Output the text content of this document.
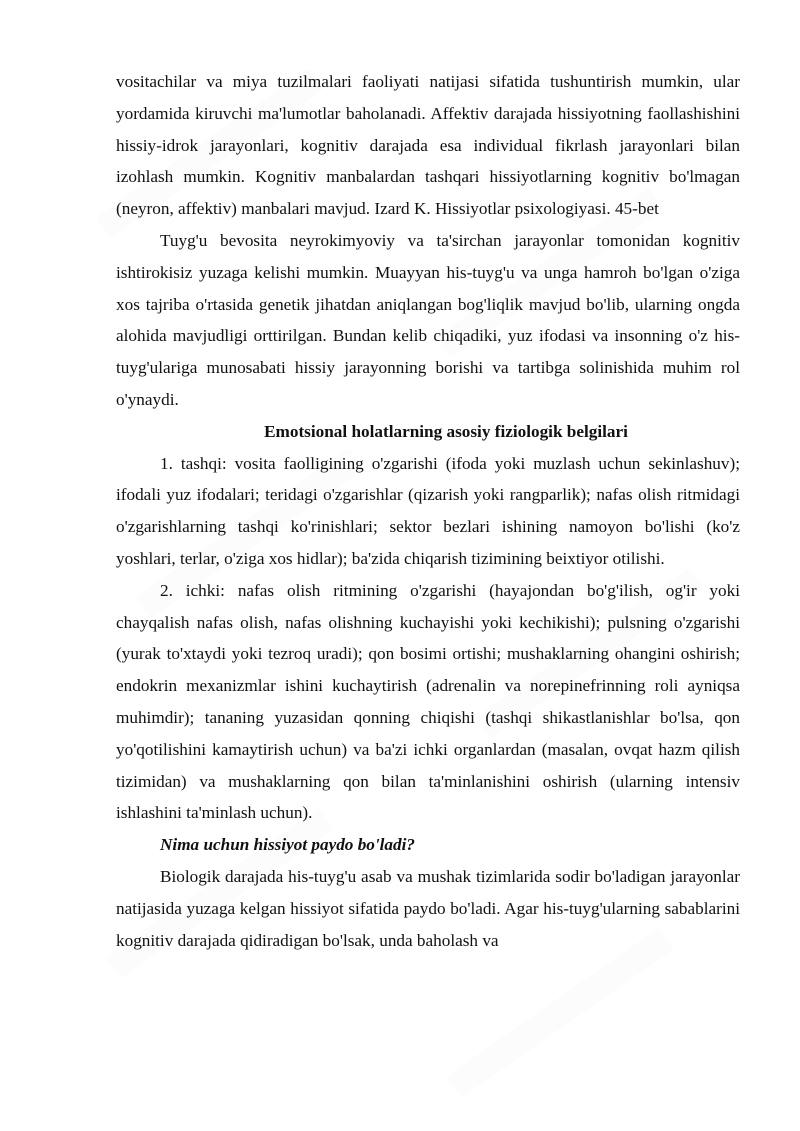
vositachilar va miya tuzilmalari faoliyati natijasi sifatida tushuntirish mumkin, ular yordamida kiruvchi ma'lumotlar baholanadi. Affektiv darajada hissiyotning faollashishini hissiy-idrok jarayonlari, kognitiv darajada esa individual fikrlash jarayonlari bilan izohlash mumkin. Kognitiv manbalardan tashqari hissiyotlarning kognitiv bo'lmagan (neyron, affektiv) manbalari mavjud. Izard K. Hissiyotlar psixologiyasi. 45-bet

Tuyg'u bevosita neyrokimyoviy va ta'sirchan jarayonlar tomonidan kognitiv ishtirokisiz yuzaga kelishi mumkin. Muayyan his-tuyg'u va unga hamroh bo'lgan o'ziga xos tajriba o'rtasida genetik jihatdan aniqlangan bog'liqlik mavjud bo'lib, ularning ongda alohida mavjudligi orttirilgan. Bundan kelib chiqadiki, yuz ifodasi va insonning o'z his-tuyg'ulariga munosabati hissiy jarayonning borishi va tartibga solinishida muhim rol o'ynaydi.

Emotsional holatlarning asosiy fiziologik belgilari

1. tashqi: vosita faolligining o'zgarishi (ifoda yoki muzlash uchun sekinlashuv); ifodali yuz ifodalari; teridagi o'zgarishlar (qizarish yoki rangparlik); nafas olish ritmidagi o'zgarishlarning tashqi ko'rinishlari; sektor bezlari ishining namoyon bo'lishi (ko'z yoshlari, terlar, o'ziga xos hidlar); ba'zida chiqarish tizimining beixtiyor otilishi.

2. ichki: nafas olish ritmining o'zgarishi (hayajondan bo'g'ilish, og'ir yoki chayqalish nafas olish, nafas olishning kuchayishi yoki kechikishi); pulsning o'zgarishi (yurak to'xtaydi yoki tezroq uradi); qon bosimi ortishi; mushaklarning ohangini oshirish; endokrin mexanizmlar ishini kuchaytirish (adrenalin va norepinefrinning roli ayniqsa muhimdir); tananing yuzasidan qonning chiqishi (tashqi shikastlanishlar bo'lsa, qon yo'qotilishini kamaytirish uchun) va ba'zi ichki organlardan (masalan, ovqat hazm qilish tizimidan) va mushaklarning qon bilan ta'minlanishini oshirish (ularning intensiv ishlashini ta'minlash uchun).

Nima uchun hissiyot paydo bo'ladi?

Biologik darajada his-tuyg'u asab va mushak tizimlarida sodir bo'ladigan jarayonlar natijasida yuzaga kelgan hissiyot sifatida paydo bo'ladi. Agar his-tuyg'ularning sabablarini kognitiv darajada qidiradigan bo'lsak, unda baholash va
